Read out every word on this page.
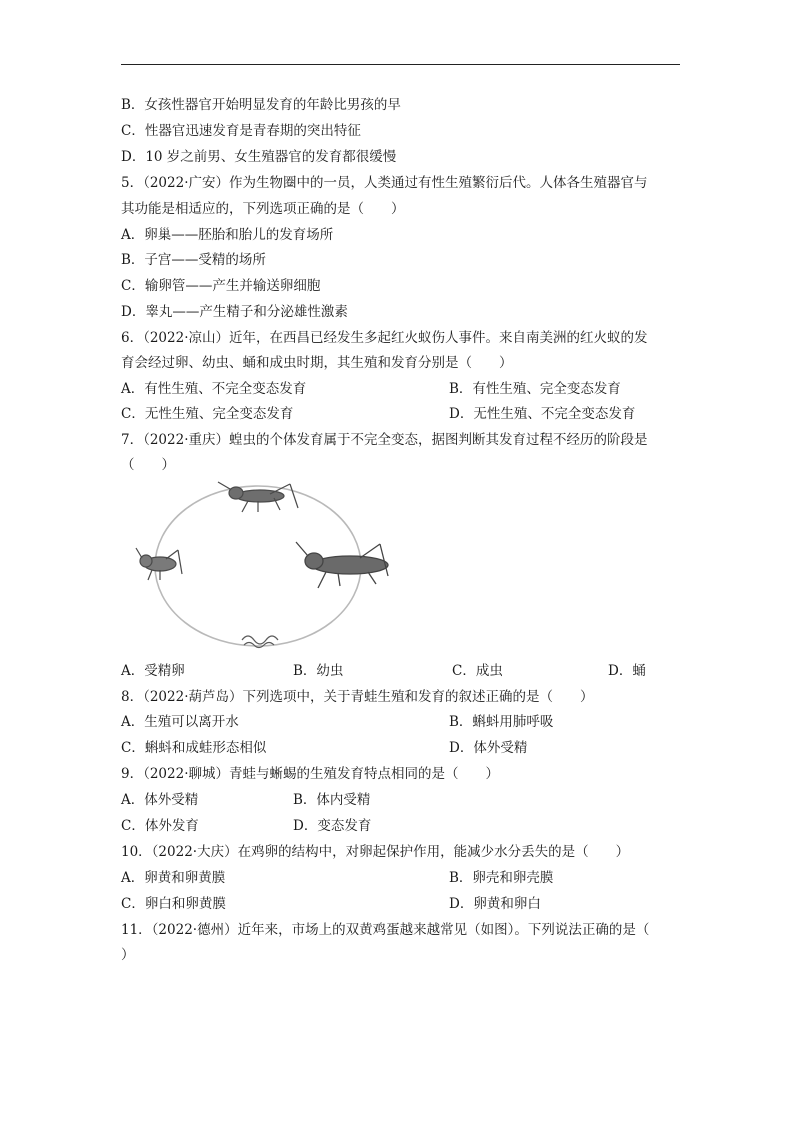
B．女孩性器官开始明显发育的年龄比男孩的早
C．性器官迅速发育是青春期的突出特征
D．10 岁之前男、女生殖器官的发育都很缓慢
5．（2022·广安）作为生物圈中的一员，人类通过有性生殖繁衍后代。人体各生殖器官与
其功能是相适应的，下列选项正确的是（　　）
A．卵巢——胚胎和胎儿的发育场所
B．子宫——受精的场所
C．输卵管——产生并输送卵细胞
D．睾丸——产生精子和分泌雄性激素
6．（2022·凉山）近年，在西昌已经发生多起红火蚁伤人事件。来自南美洲的红火蚁的发
育会经过卵、幼虫、蛹和成虫时期，其生殖和发育分别是（　　）
A．有性生殖、不完全变态发育	B．有性生殖、完全变态发育
C．无性生殖、完全变态发育	D．无性生殖、不完全变态发育
7．（2022·重庆）蝗虫的个体发育属于不完全变态，据图判断其发育过程不经历的阶段是
（　　）
A．受精卵	B．幼虫	C．成虫	D．蛹
8．（2022·葫芦岛）下列选项中，关于青蛙生殖和发育的叙述正确的是（　　）
A．生殖可以离开水	B．蝌蚪用肺呼吸
C．蝌蚪和成蛙形态相似	D．体外受精
9．（2022·聊城）青蛙与蜥蜴的生殖发育特点相同的是（　　）
A．体外受精	B．体内受精
C．体外发育	D．变态发育
10．（2022·大庆）在鸡卵的结构中，对卵起保护作用，能减少水分丢失的是（　　）
A．卵黄和卵黄膜	B．卵壳和卵壳膜
C．卵白和卵黄膜	D．卵黄和卵白
11．（2022·德州）近年来，市场上的双黄鸡蛋越来越常见（如图）。下列说法正确的是（
）
